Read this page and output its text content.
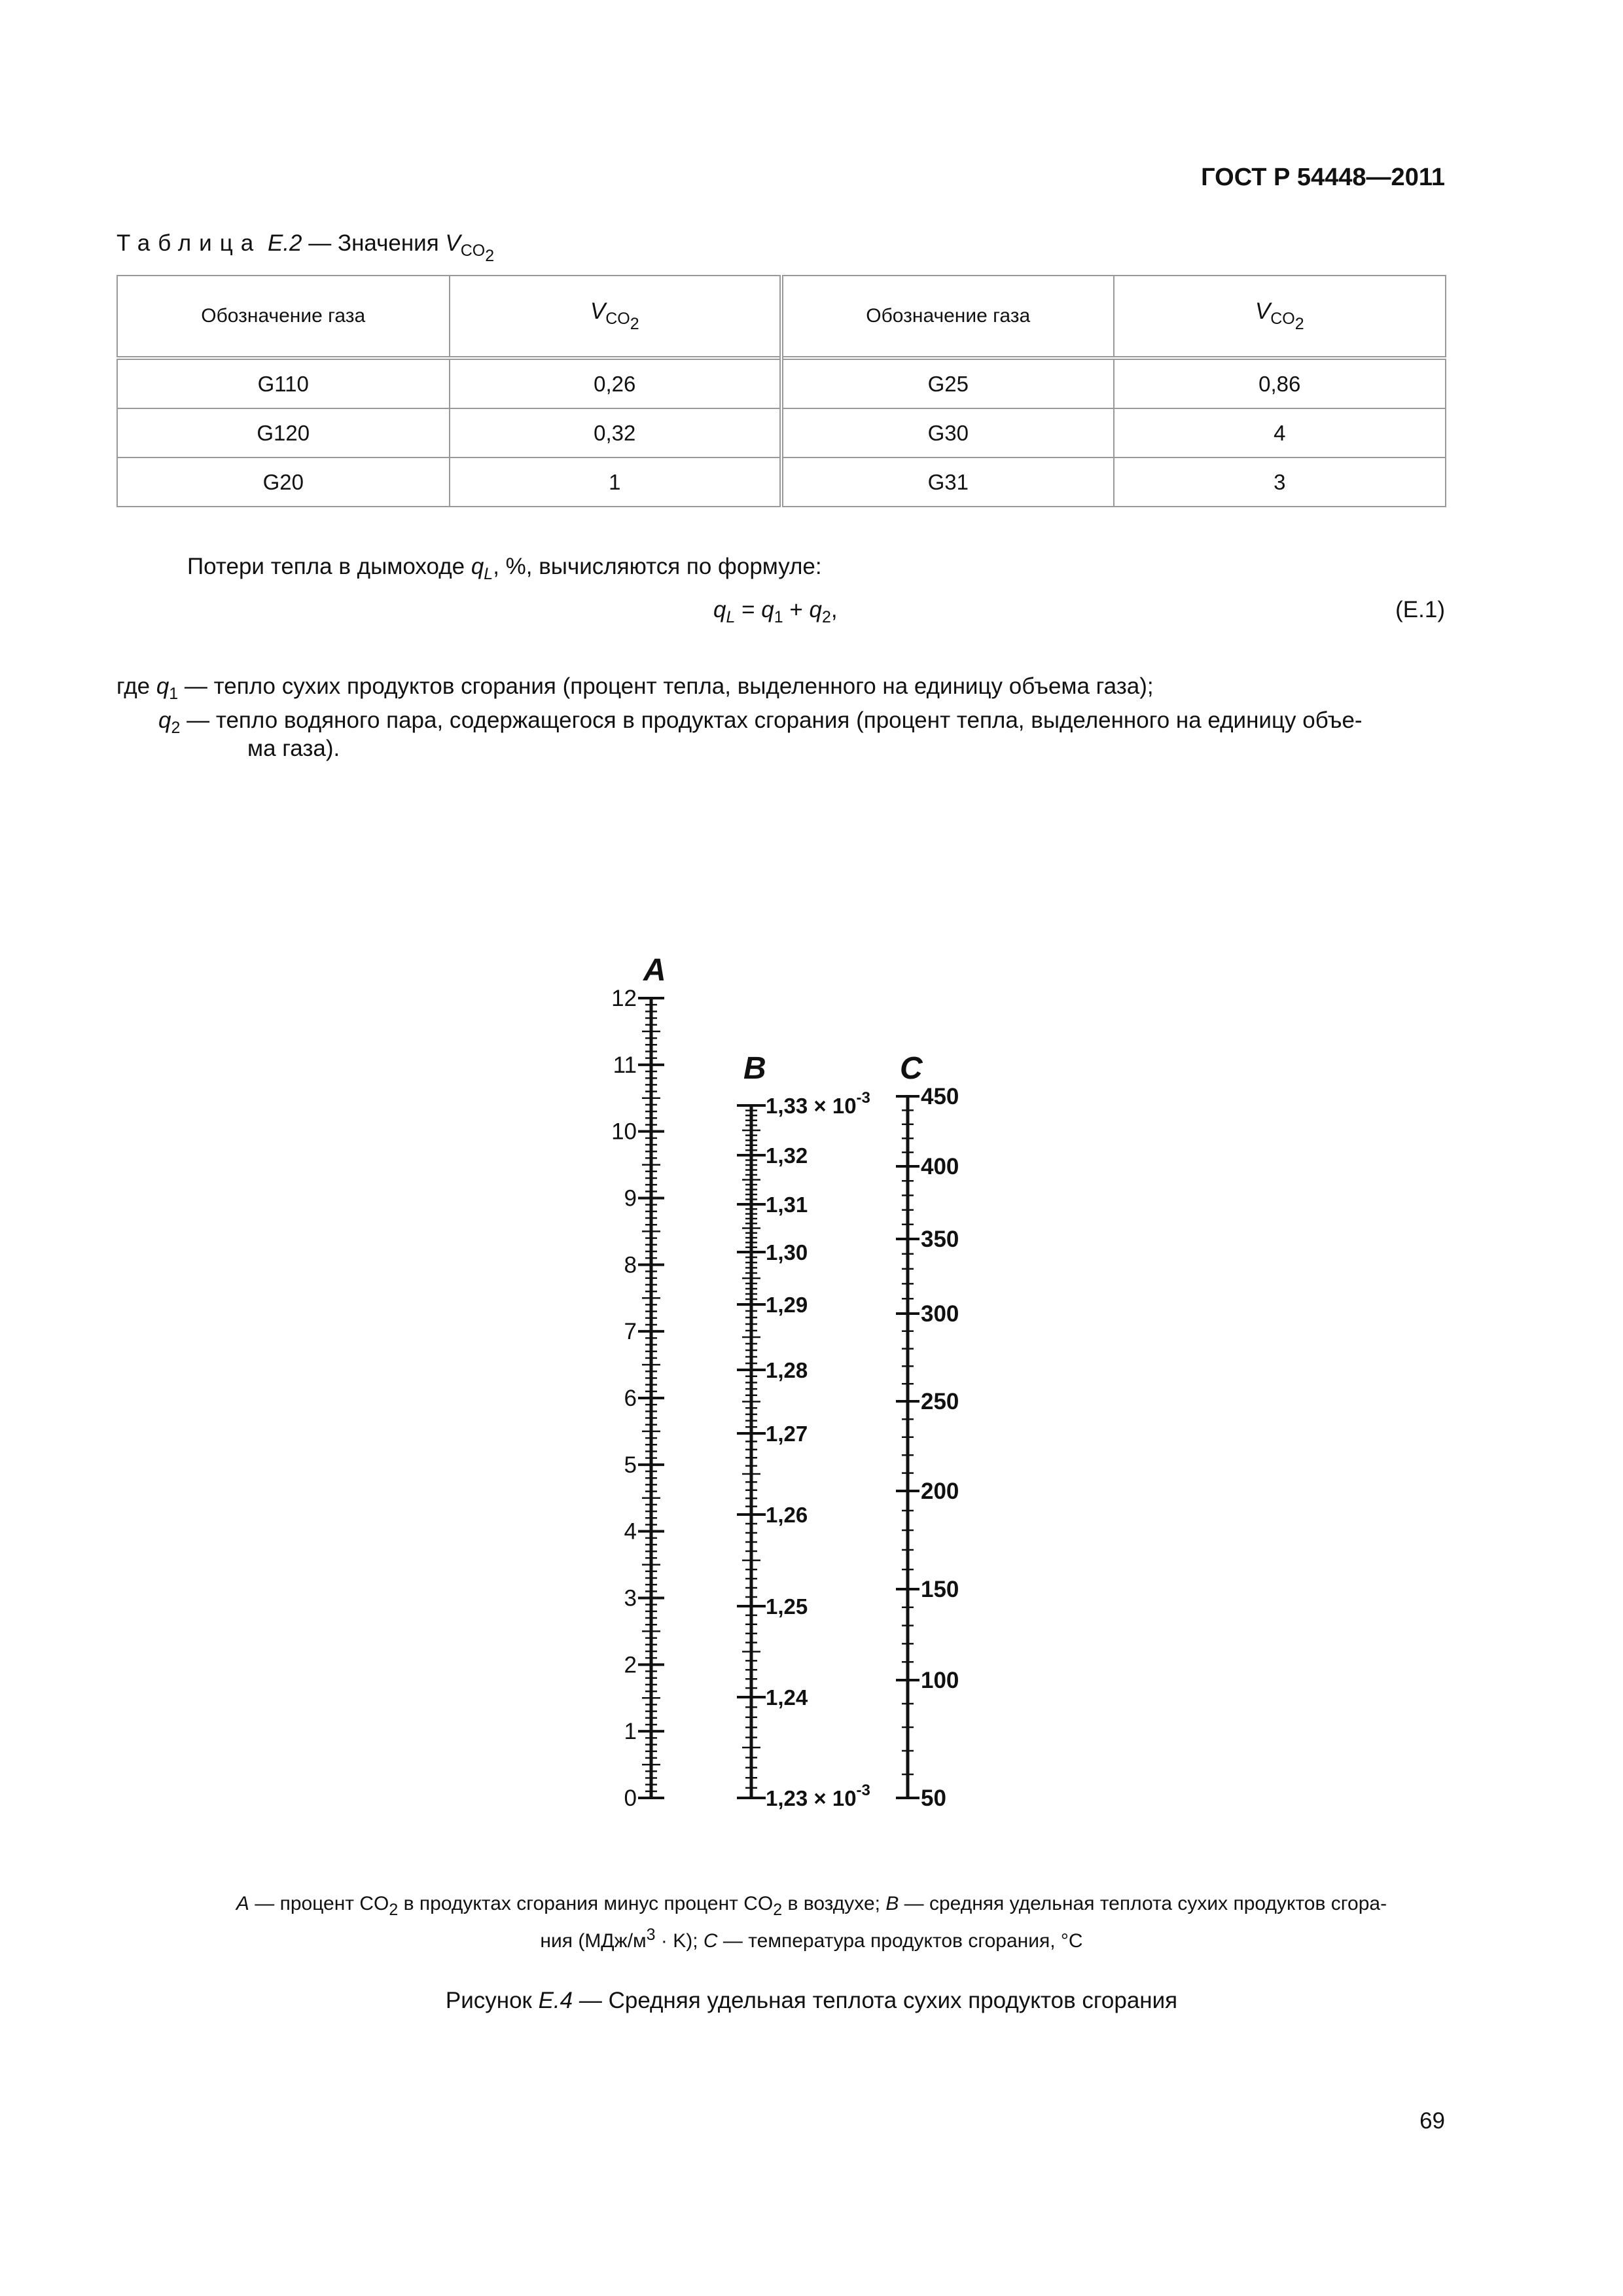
ГОСТ Р 54448—2011
Таблица Е.2 — Значения $V_{CO_2}$
Обозначение газа	$V_{CO_2}$	Обозначение газа	$V_{CO_2}$
G110	0,26	G25	0,86
G120	0,32	G30	4
G20	1	G31	3
Потери тепла в дымоходе $q_L$, %, вычисляются по формуле:
$q_L = q_1 + q_2$,	(E.1)
где $q_1$ — тепло сухих продуктов сгорания (процент тепла, выделенного на единицу объема газа);
$q_2$ — тепло водяного пара, содержащегося в продуктах сгорания (процент тепла, выделенного на единицу объе-
ма газа).
0
1
2
3
4
5
6
7
8
9
10
11
12
A
$1,23 \times 10^{-3}$
1,24
1,25
1,26
1,27
1,28
1,29
1,30
1,31
1,32
$1,33 \times 10^{-3}$
B
50
100
150
200
250
300
350
400
450
C
A — процент $CO_2$ в продуктах сгорания минус процент $CO_2$ в воздухе; B — средняя удельная теплота сухих продуктов сгора-
ния $(МДж/м^3 \cdot K)$; C — температура продуктов сгорания, °C
Рисунок Е.4 — Средняя удельная теплота сухих продуктов сгорания
69
